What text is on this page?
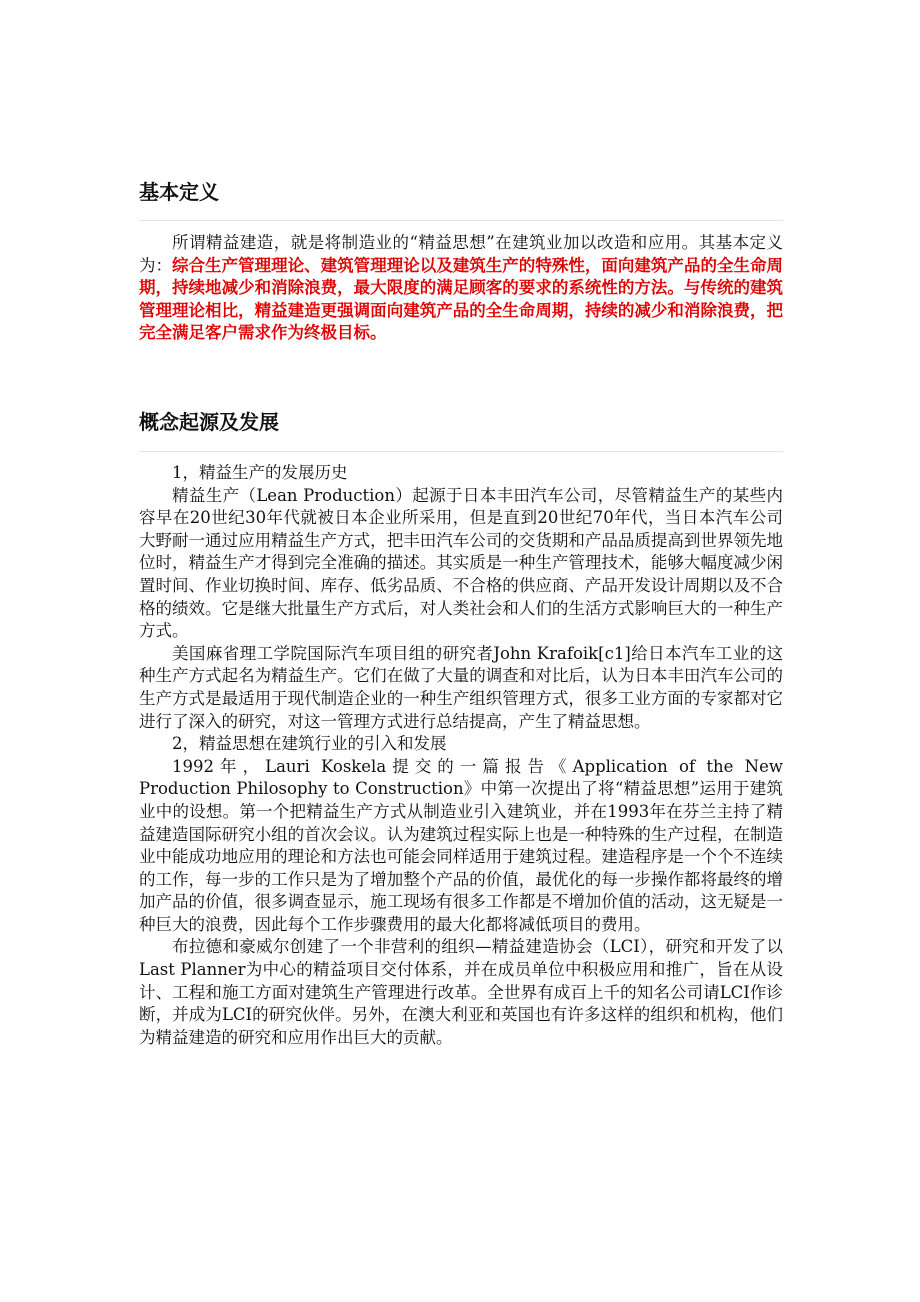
基本定义

所谓精益建造，就是将制造业的“精益思想”在建筑业加以改造和应用。其基本定义为：综合生产管理理论、建筑管理理论以及建筑生产的特殊性，面向建筑产品的全生命周期，持续地减少和消除浪费，最大限度的满足顾客的要求的系统性的方法。与传统的建筑管理理论相比，精益建造更强调面向建筑产品的全生命周期，持续的减少和消除浪费，把完全满足客户需求作为终极目标。

概念起源及发展

1，精益生产的发展历史

精益生产（Lean Production）起源于日本丰田汽车公司，尽管精益生产的某些内容早在20世纪30年代就被日本企业所采用，但是直到20世纪70年代，当日本汽车公司大野耐一通过应用精益生产方式，把丰田汽车公司的交货期和产品品质提高到世界领先地位时，精益生产才得到完全准确的描述。其实质是一种生产管理技术，能够大幅度减少闲置时间、作业切换时间、库存、低劣品质、不合格的供应商、产品开发设计周期以及不合格的绩效。它是继大批量生产方式后，对人类社会和人们的生活方式影响巨大的一种生产方式。

美国麻省理工学院国际汽车项目组的研究者John Krafoik[c1]给日本汽车工业的这种生产方式起名为精益生产。它们在做了大量的调查和对比后，认为日本丰田汽车公司的生产方式是最适用于现代制造企业的一种生产组织管理方式，很多工业方面的专家都对它进行了深入的研究，对这一管理方式进行总结提高，产生了精益思想。

2，精益思想在建筑行业的引入和发展

1992年，Lauri Koskela提交的一篇报告《Application of the New Production Philosophy to Construction》中第一次提出了将“精益思想”运用于建筑业中的设想。第一个把精益生产方式从制造业引入建筑业，并在1993年在芬兰主持了精益建造国际研究小组的首次会议。认为建筑过程实际上也是一种特殊的生产过程，在制造业中能成功地应用的理论和方法也可能会同样适用于建筑过程。建造程序是一个个不连续的工作，每一步的工作只是为了增加整个产品的价值，最优化的每一步操作都将最终的增加产品的价值，很多调查显示，施工现场有很多工作都是不增加价值的活动，这无疑是一种巨大的浪费，因此每个工作步骤费用的最大化都将减低项目的费用。

布拉德和豪威尔创建了一个非营利的组织—精益建造协会（LCI），研究和开发了以Last Planner为中心的精益项目交付体系，并在成员单位中积极应用和推广，旨在从设计、工程和施工方面对建筑生产管理进行改革。全世界有成百上千的知名公司请LCI作诊断，并成为LCI的研究伙伴。另外，在澳大利亚和英国也有许多这样的组织和机构，他们为精益建造的研究和应用作出巨大的贡献。
